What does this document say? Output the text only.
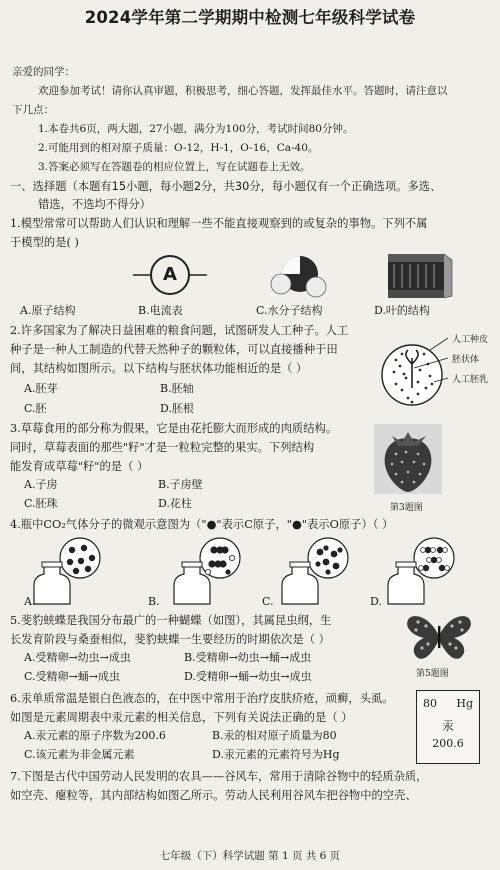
2024学年第二学期期中检测七年级科学试卷
亲爱的同学：
欢迎参加考试！请你认真审题，积极思考，细心答题，发挥最佳水平。答题时，请注意以
下几点：
1.本卷共6页，两大题，27小题，满分为100分，考试时间80分钟。
2.可能用到的相对原子质量：O-12，H-1，O-16，Ca-40。
3.答案必须写在答题卷的相应位置上，写在试题卷上无效。
一、选择题（本题有15小题，每小题2分，共30分，每小题仅有一个正确选项。多选、
错选，不选均不得分）
1.模型常常可以帮助人们认识和理解一些不能直接观察到的或复杂的事物。下列不属
于模型的是( )
A
A.原子结构	B.电流表	C.水分子结构	D.叶的结构
2.许多国家为了解决日益困难的粮食问题，试图研发人工种子。人工
种子是一种人工制造的代替天然种子的颗粒体，可以直接播种于田
间，其结构如图所示。以下结构与胚状体功能相近的是（ ）
A.胚芽	B.胚轴
C.胚	D.胚根
人工种皮
胚状体
人工胚乳
3.草莓食用的部分称为假果，它是由花托膨大而形成的肉质结构。
同时，草莓表面的那些"籽"才是一粒粒完整的果实。下列结构
能发育成草莓"籽"的是（ ）
A.子房	B.子房壁
C.胚珠	D.花柱	第3题图
4.瓶中CO₂气体分子的微观示意图为（"●"表示C原子，"●"表示O原子）（ ）
A.	B.	C.	D.
5.斐豹蛱蝶是我国分布最广的一种蝴蝶（如图），其属昆虫纲，生
长发育阶段与桑蚕相似，斐豹蛱蝶一生要经历的时期依次是（ ）
A.受精卵→幼虫→成虫	B.受精卵→幼虫→蛹→成虫
C.受精卵→蛹→成虫	D.受精卵→蛹→幼虫→成虫	第5题图
6.汞单质常温是银白色液态的，在中医中常用于治疗皮肤疥疮，顽癣，头虱。
如图是元素周期表中汞元素的相关信息，下列有关说法正确的是（ ）
A.汞元素的原子序数为200.6	B.汞的相对原子质量为80
C.该元素为非金属元素	D.汞元素的元素符号为Hg
80 Hg
汞
200.6
7.下图是古代中国劳动人民发明的农具——谷风车，常用于清除谷物中的轻质杂质，
如空壳、瘪粒等，其内部结构如图乙所示。劳动人民利用谷风车把谷物中的空壳、
七年级（下）科学试题 第 1 页 共 6 页
